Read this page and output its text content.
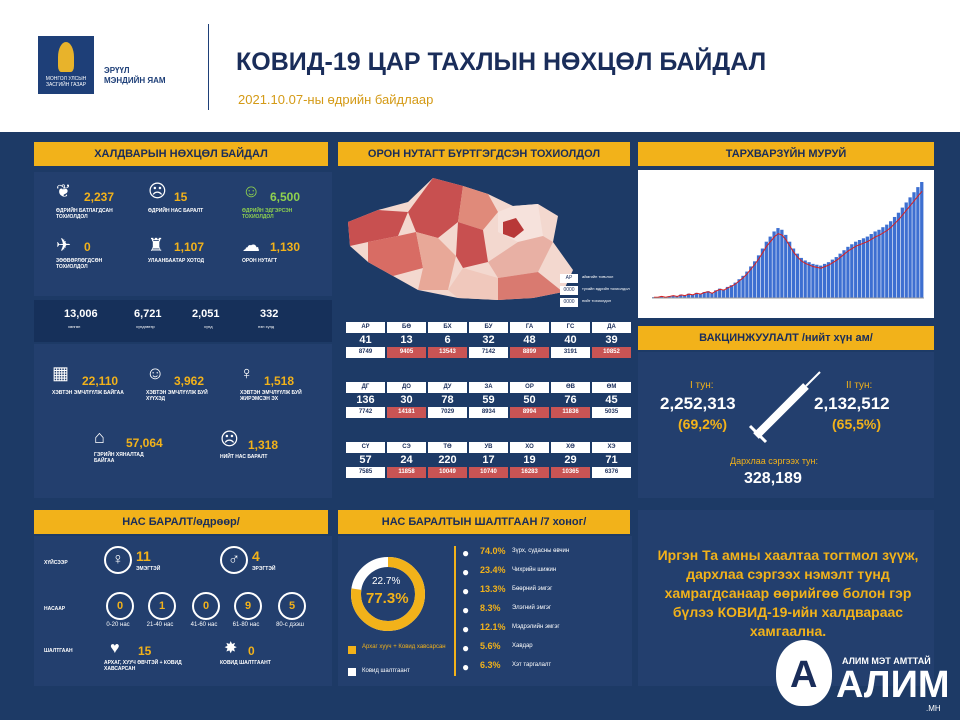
МОНГОЛ УЛСЫН ЗАСГИЙН ГАЗАР
ЭРҮҮЛ
МЭНДИЙН ЯАМ
КОВИД-19 ЦАР ТАХЛЫН НӨХЦӨЛ БАЙДАЛ
2021.10.07-ны өдрийн байдлаар
ХАЛДВАРЫН НӨХЦӨЛ БАЙДАЛ
❦ 2,237
ӨДРИЙН БАТЛАГДСАН ТОХИОЛДОЛ
☹ 15
ӨДРИЙН НАС БАРАЛТ
☺ 6,500
ӨДРИЙН ЭДГЭРСЭН ТОХИОЛДОЛ
✈ 0
ЗӨӨВӨРЛӨГДСӨН ТОХИОЛДОЛ
♜ 1,107
УЛААНБААТАР ХОТОД
☁ 1,130
ОРОН НУТАГТ
13,006
хөнгөн
6,721
хүндэвтэр
2,051
хүнд
332
нэн хүнд
▦ 22,110
ХЭВТЭН ЭМЧЛҮҮЛЖ БАЙГАА
☺ 3,962
ХЭВТЭН ЭМЧЛҮҮЛЖ БУЙ ХҮҮХЭД
♀ 1,518
ХЭВТЭН ЭМЧЛҮҮЛЖ БУЙ ЖИРЭМСЭН ЭХ
⌂ 57,064
ГЭРИЙН ХЯНАЛТАД БАЙГАА
☹ 1,318
НИЙТ НАС БАРАЛТ
ОРОН НУТАГТ БҮРТГЭГДСЭН ТОХИОЛДОЛ
АР	аймгийн товчлол
0000	тухайн өдрийн тохиолдол
0000	нийт тохиолдол
АР
41
8749
БӨ
13
9405
БХ
6
13543
БУ
32
7142
ГА
48
8899
ГС
40
3191
ДА
39
10852
ДГ
136
7742
ДО
30
14181
ДУ
78
7029
ЗА
59
8934
ОР
50
8994
ӨВ
76
11836
ӨМ
45
5035
СҮ
57
7585
СЭ
24
11858
ТӨ
220
10049
УВ
17
10740
ХО
19
16283
ХӨ
29
10365
ХЭ
71
6376
ТАРХВАРЗҮЙН МУРУЙ
ВАКЦИНЖУУЛАЛТ /нийт хүн ам/
I тун:
2,252,313
(69,2%)
II тун:
2,132,512
(65,5%)
Дархлаа сэргээх тун:
328,189
НАС БАРАЛТ/өдрөөр/
ХҮЙСЭЭР	♀ 11
ЭМЭГТЭЙ
♂ 4
ЭРЭГТЭЙ
НАСААР	0
0-20 нас
1
21-40 нас
0
41-60 нас
9
61-80 нас
5
80-с дээш
ШАЛТГААН ♥ 15
АРХАГ, ХУУЧ ӨВЧТЭЙ + КОВИД ХАВСАРСАН
✸ 0
КОВИД ШАЛТГААНТ
НАС БАРАЛТЫН ШАЛТГААН /7 хоног/
22.7%
77.3%
Архаг хууч + Ковид хавсарсан
Ковид шалтгаант
● 74.0% Зүрх, судасны өвчин
● 23.4% Чихрийн шижин
● 13.3% Бөөрний эмгэг
● 8.3% Элэгний эмгэг
● 12.1% Мэдрэлийн эмгэг
● 5.6% Хавдар
● 6.3% Хэт таргалалт
Иргэн Та амны хаалтаа тогтмол зүүж, дархлаа сэргээх нэмэлт тунд хамрагдсанаар өөрийгөө болон гэр бүлээ КОВИД-19-ийн халдвараас хамгаална.
A	АЛИМ МЭТ АМТТАЙ
АЛИМ
.МН
